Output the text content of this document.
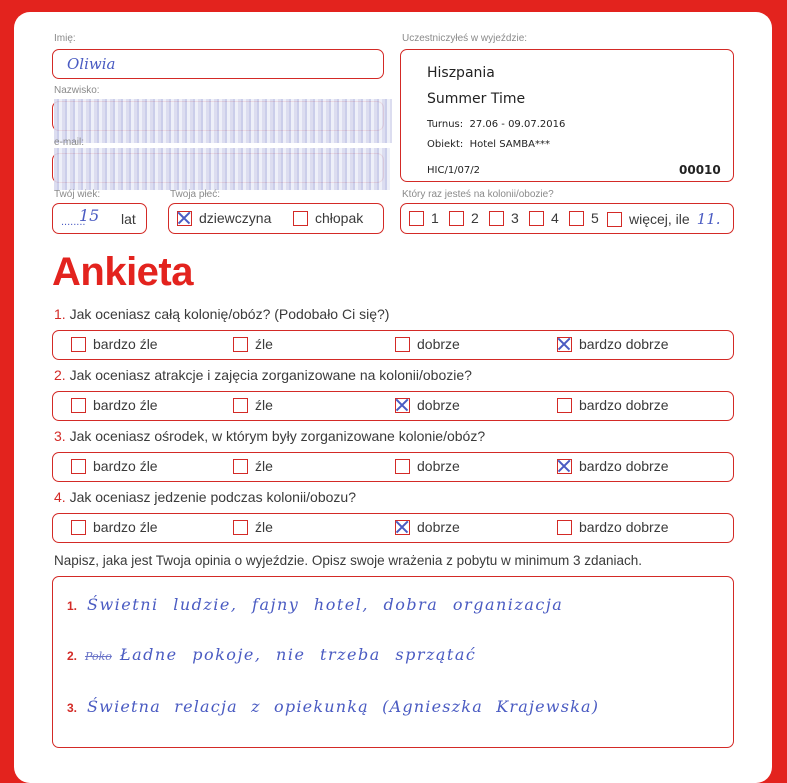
Imię:
Oliwia
Nazwisko:
e-mail:
Twój wiek:
........
15 lat
Twoja płeć:
dziewczyna	chłopak
Uczestniczyłeś w wyjeździe:
Hiszpania
Summer Time
Turnus:  27.06 - 09.07.2016
Obiekt:  Hotel SAMBA***
HIC/1/07/2	00010
Który raz jesteś na kolonii/obozie?
1 2 3 4 5 więcej, ile 11.
Ankieta
1. Jak oceniasz całą kolonię/obóz? (Podobało Ci się?)
bardzo źle	źle	dobrze	bardzo dobrze
2. Jak oceniasz atrakcje i zajęcia zorganizowane na kolonii/obozie?
bardzo źle	źle	dobrze	bardzo dobrze
3. Jak oceniasz ośrodek, w którym były zorganizowane kolonie/obóz?
bardzo źle	źle	dobrze	bardzo dobrze
4. Jak oceniasz jedzenie podczas kolonii/obozu?
bardzo źle	źle	dobrze	bardzo dobrze
Napisz, jaka jest Twoja opinia o wyjeździe. Opisz swoje wrażenia z pobytu w minimum 3 zdaniach.
1. Świetni ludzie, fajny hotel, dobra organizacja
2. Poko Ładne pokoje, nie trzeba sprzątać
3. Świetna relacja z opiekunką (Agnieszka Krajewska)
